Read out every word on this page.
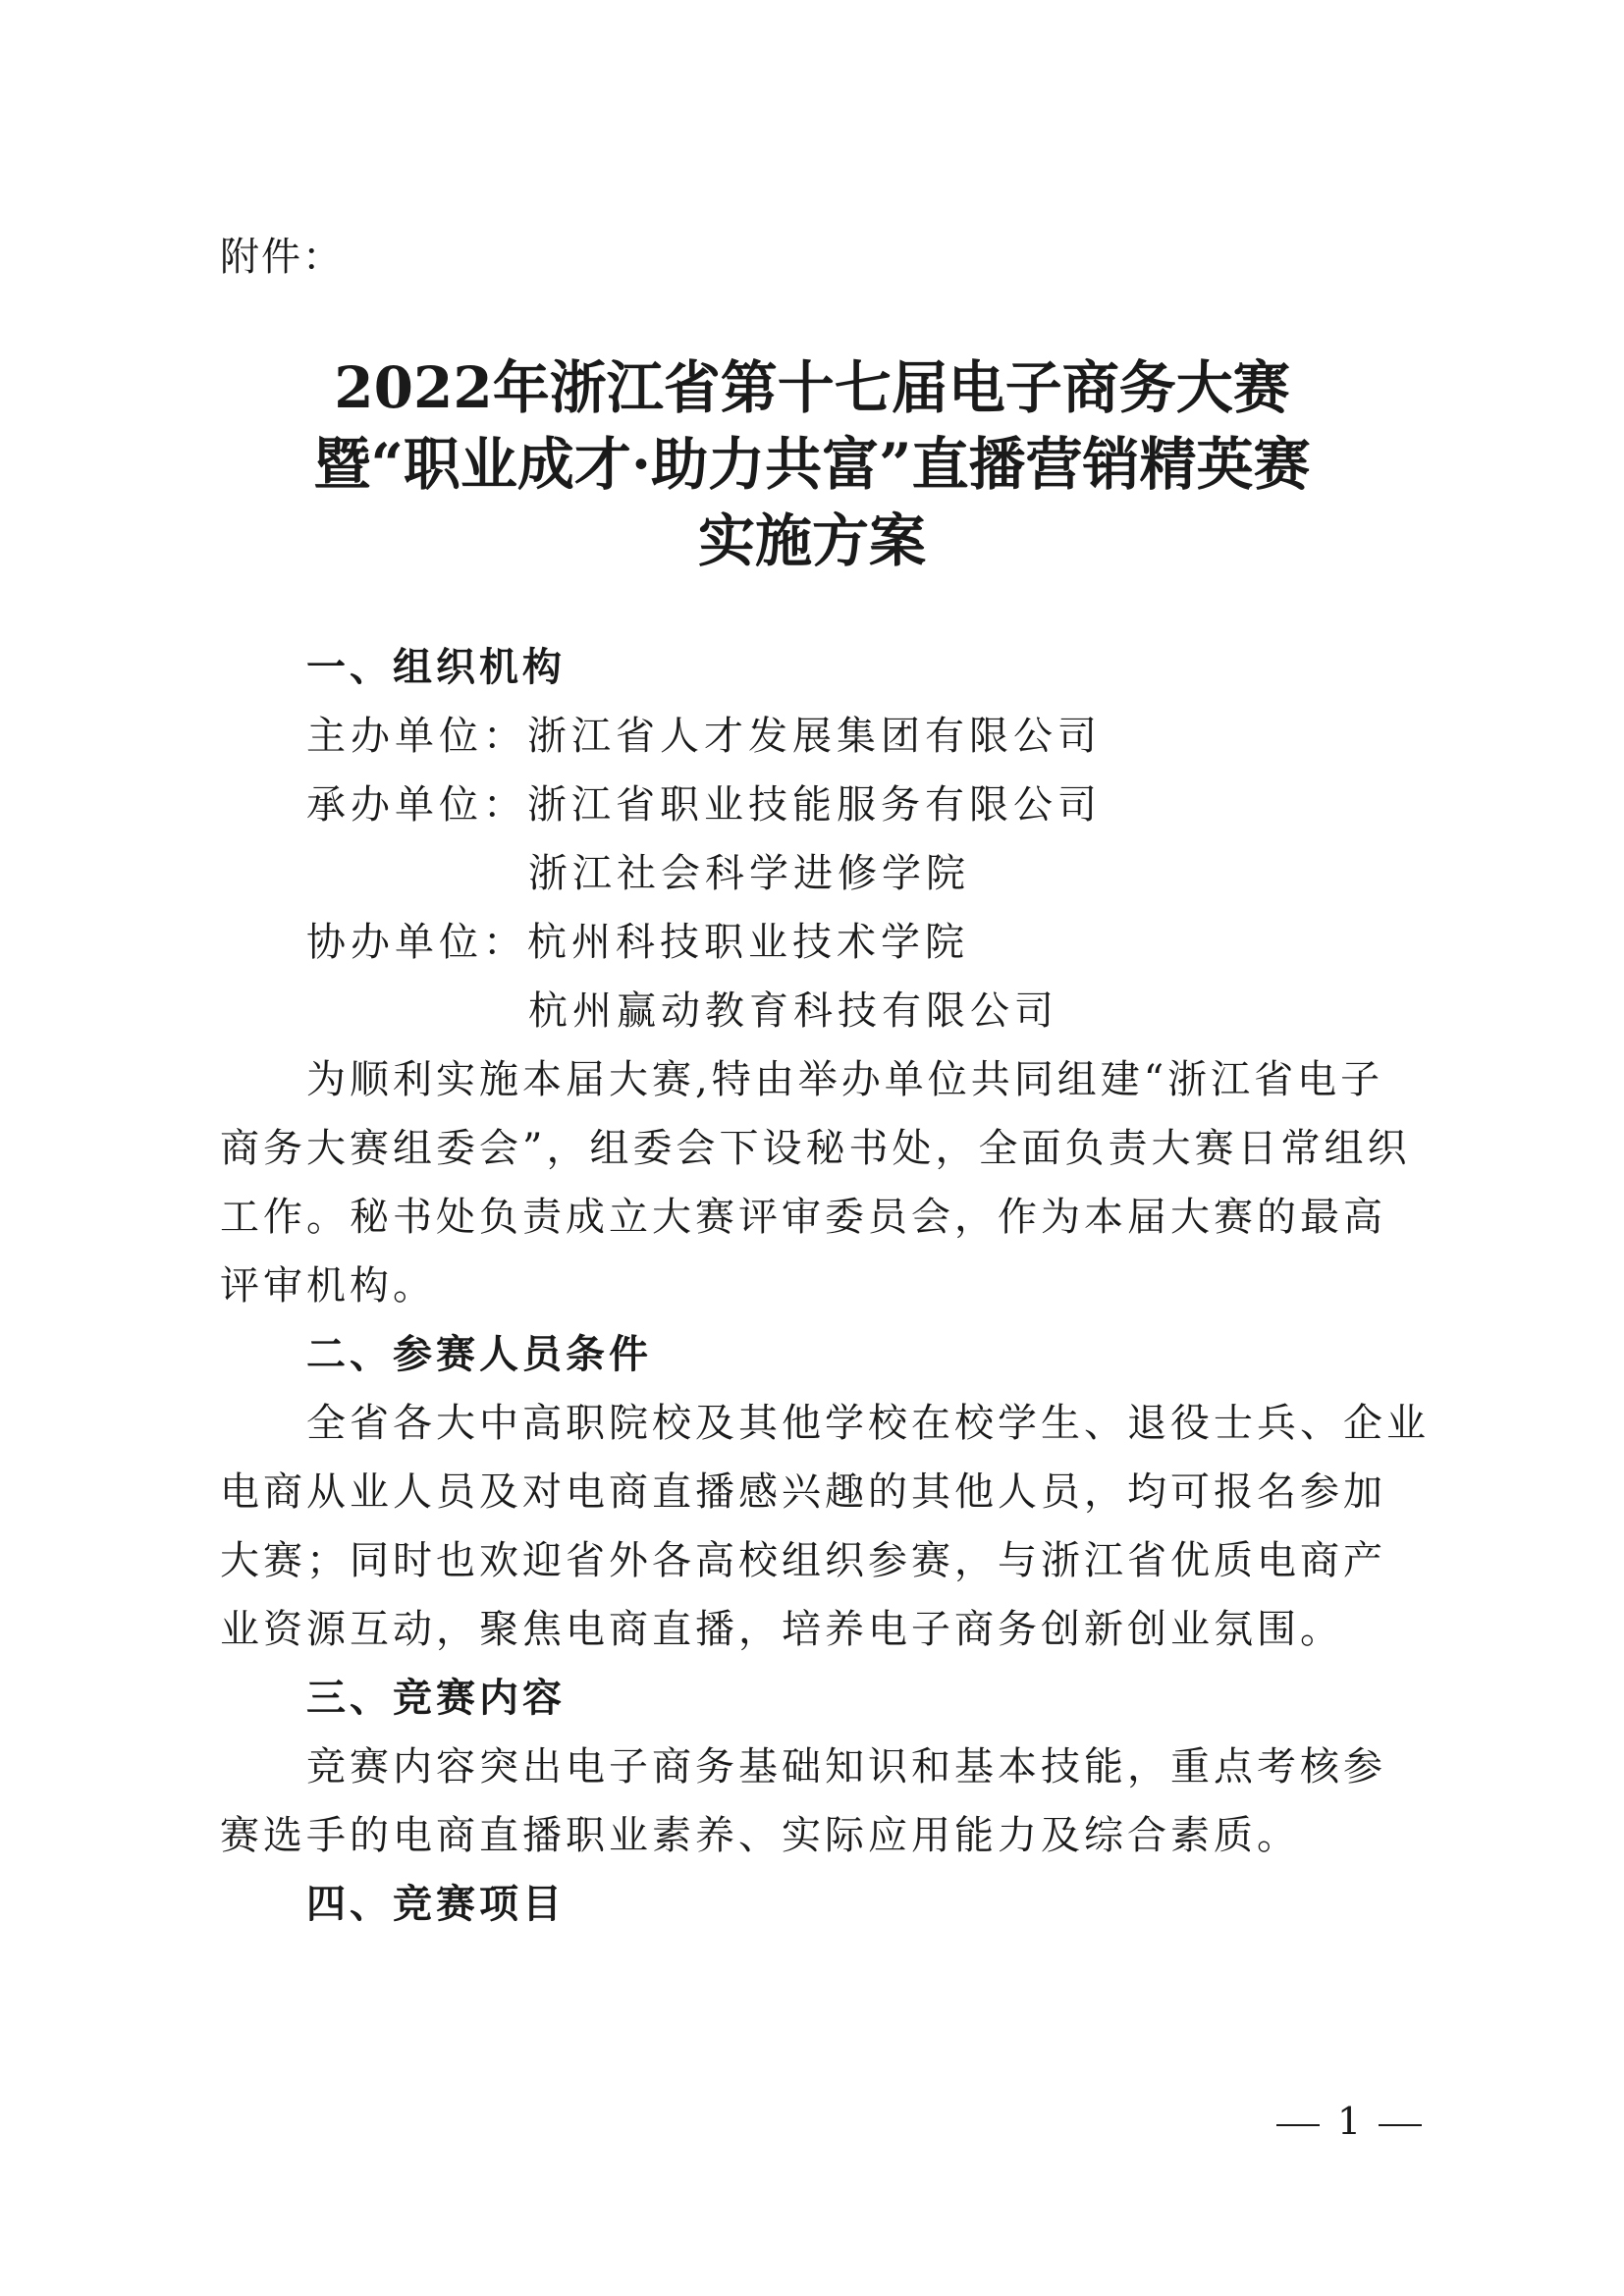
附件：
2022年浙江省第十七届电子商务大赛
暨“职业成才·助力共富”直播营销精英赛
实施方案
一、组织机构
主办单位：浙江省人才发展集团有限公司
承办单位：浙江省职业技能服务有限公司
浙江社会科学进修学院
协办单位：杭州科技职业技术学院
杭州赢动教育科技有限公司
为顺利实施本届大赛,特由举办单位共同组建“浙江省电子
商务大赛组委会”，组委会下设秘书处，全面负责大赛日常组织
工作。秘书处负责成立大赛评审委员会，作为本届大赛的最高
评审机构。
二、参赛人员条件
全省各大中高职院校及其他学校在校学生、退役士兵、企业
电商从业人员及对电商直播感兴趣的其他人员，均可报名参加
大赛；同时也欢迎省外各高校组织参赛，与浙江省优质电商产
业资源互动，聚焦电商直播，培养电子商务创新创业氛围。
三、竞赛内容
竞赛内容突出电子商务基础知识和基本技能，重点考核参
赛选手的电商直播职业素养、实际应用能力及综合素质。
四、竞赛项目
1
